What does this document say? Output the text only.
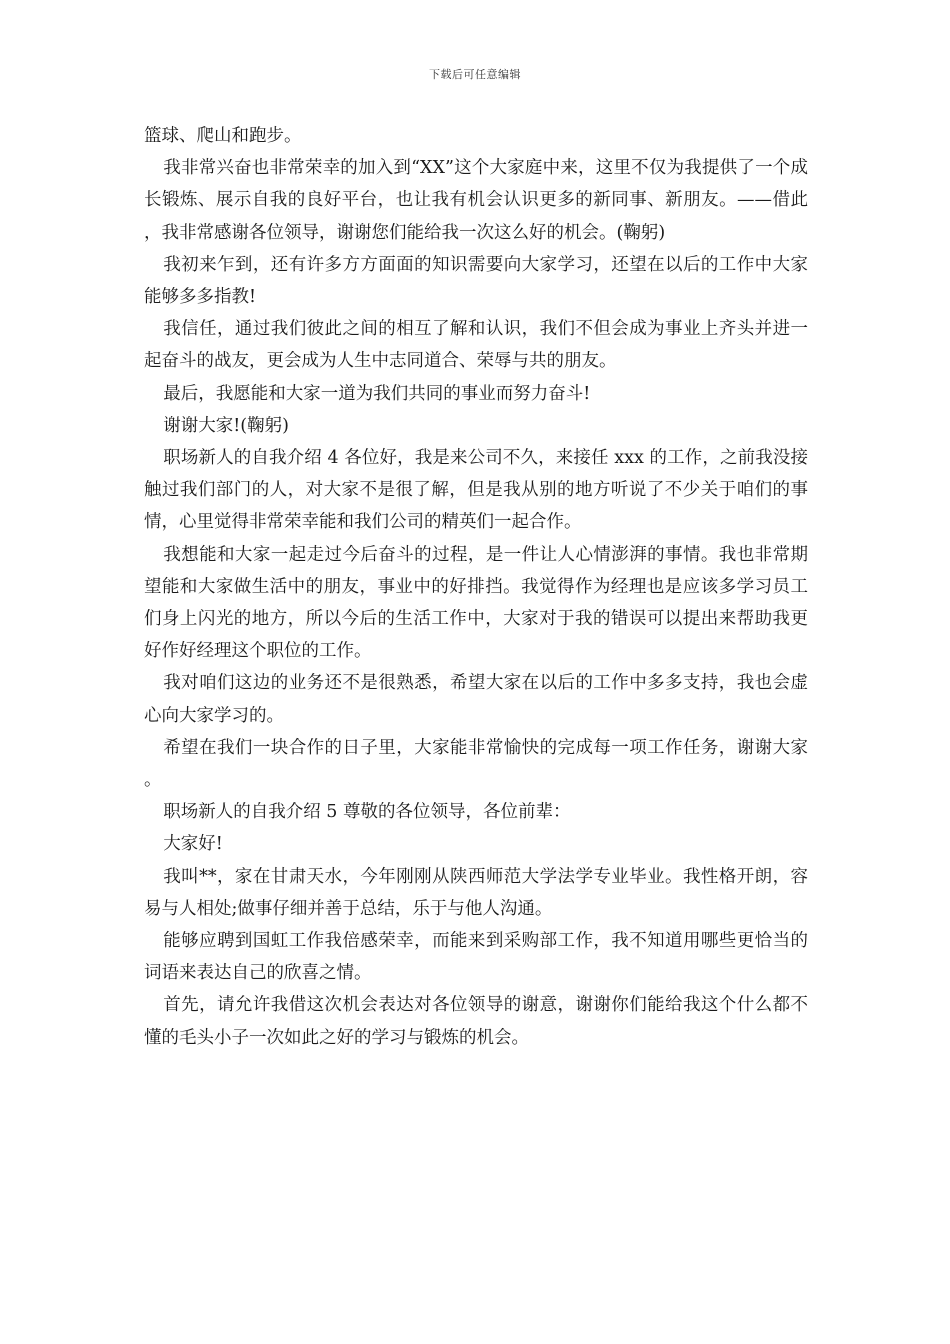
下载后可任意编辑

篮球、爬山和跑步。

我非常兴奋也非常荣幸的加入到“XX”这个大家庭中来，这里不仅为我提供了一个成长锻炼、展示自我的良好平台，也让我有机会认识更多的新同事、新朋友。——借此，我非常感谢各位领导，谢谢您们能给我一次这么好的机会。(鞠躬)

我初来乍到，还有许多方方面面的知识需要向大家学习，还望在以后的工作中大家能够多多指教!

我信任，通过我们彼此之间的相互了解和认识，我们不但会成为事业上齐头并进一起奋斗的战友，更会成为人生中志同道合、荣辱与共的朋友。

最后，我愿能和大家一道为我们共同的事业而努力奋斗!

谢谢大家!(鞠躬)

职场新人的自我介绍 4 各位好，我是来公司不久，来接任 xxx 的工作，之前我没接触过我们部门的人，对大家不是很了解，但是我从别的地方听说了不少关于咱们的事情，心里觉得非常荣幸能和我们公司的精英们一起合作。

我想能和大家一起走过今后奋斗的过程，是一件让人心情澎湃的事情。我也非常期望能和大家做生活中的朋友，事业中的好排挡。我觉得作为经理也是应该多学习员工们身上闪光的地方，所以今后的生活工作中，大家对于我的错误可以提出来帮助我更好作好经理这个职位的工作。

我对咱们这边的业务还不是很熟悉，希望大家在以后的工作中多多支持，我也会虚心向大家学习的。

希望在我们一块合作的日子里，大家能非常愉快的完成每一项工作任务，谢谢大家。

职场新人的自我介绍 5 尊敬的各位领导，各位前辈：

大家好!

我叫**，家在甘肃天水，今年刚刚从陕西师范大学法学专业毕业。我性格开朗，容易与人相处;做事仔细并善于总结，乐于与他人沟通。

能够应聘到国虹工作我倍感荣幸，而能来到采购部工作，我不知道用哪些更恰当的词语来表达自己的欣喜之情。

首先，请允许我借这次机会表达对各位领导的谢意，谢谢你们能给我这个什么都不懂的毛头小子一次如此之好的学习与锻炼的机会。
